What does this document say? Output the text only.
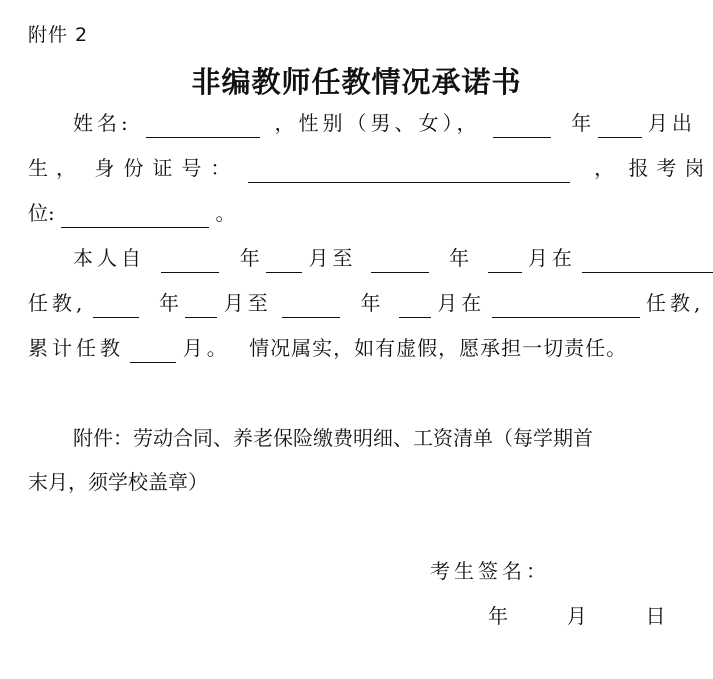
附件 2
非编教师任教情况承诺书
姓名:	，性别（男、女），	年	月出
生， 身份证号：	， 报考岗
位:	。
本人自	年 月至	年	月在
任教,	年 月至	年	月在	任教,
累计任教	月。 情况属实，如有虚假，愿承担一切责任。
附件：劳动合同、养老保险缴费明细、工资清单（每学期首
末月，须学校盖章）
考生签名：
年	月	日
